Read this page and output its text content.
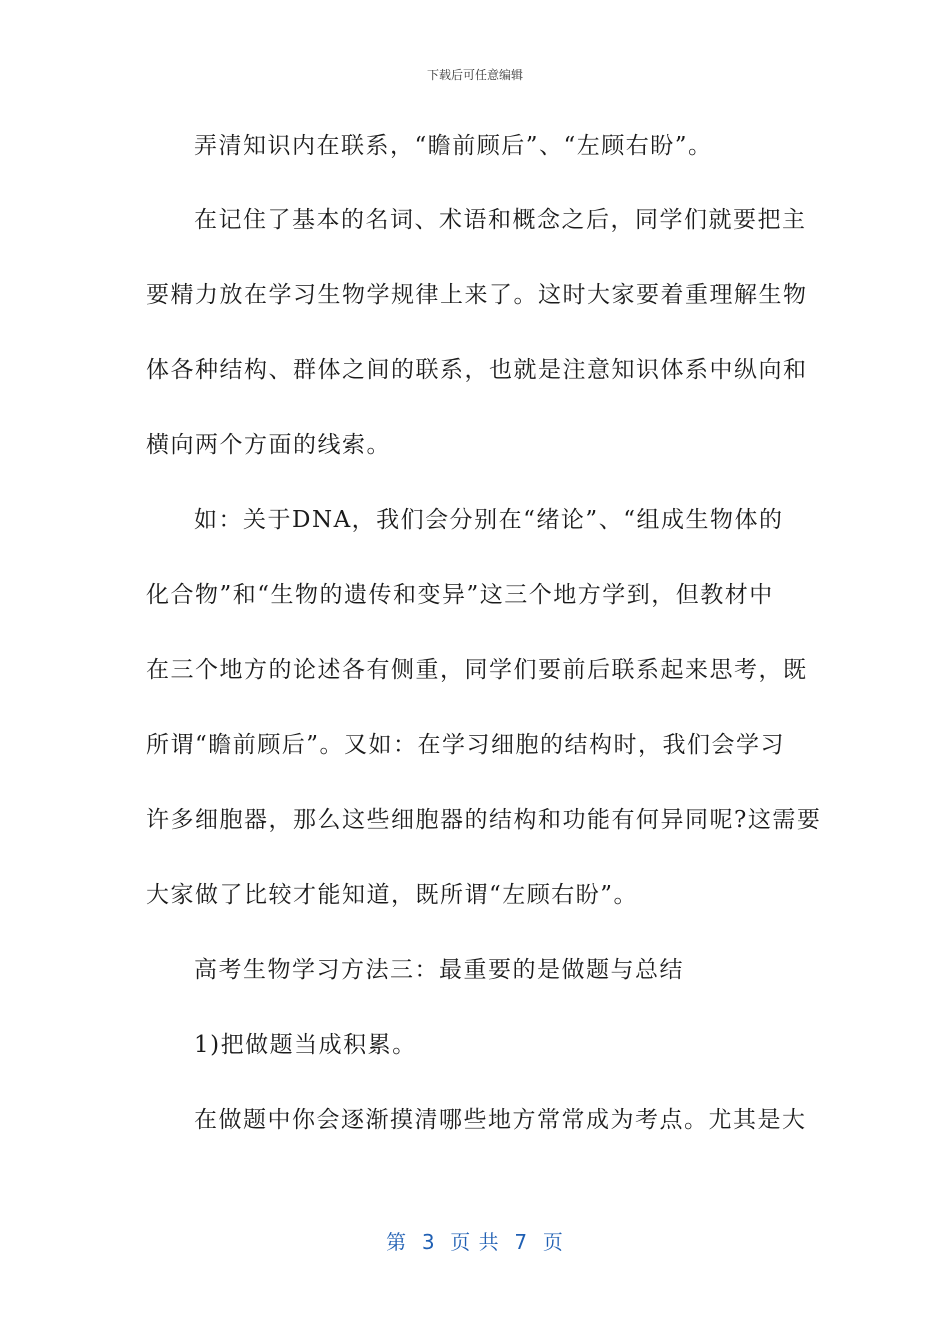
下载后可任意编辑
弄清知识内在联系，“瞻前顾后”、“左顾右盼”。
在记住了基本的名词、术语和概念之后，同学们就要把主
要精力放在学习生物学规律上来了。这时大家要着重理解生物
体各种结构、群体之间的联系，也就是注意知识体系中纵向和
横向两个方面的线索。
如：关于DNA，我们会分别在“绪论”、“组成生物体的
化合物”和“生物的遗传和变异”这三个地方学到，但教材中
在三个地方的论述各有侧重，同学们要前后联系起来思考，既
所谓“瞻前顾后”。又如：在学习细胞的结构时，我们会学习
许多细胞器，那么这些细胞器的结构和功能有何异同呢?这需要
大家做了比较才能知道，既所谓“左顾右盼”。
高考生物学习方法三：最重要的是做题与总结
1)把做题当成积累。
在做题中你会逐渐摸清哪些地方常常成为考点。尤其是大
第  3  页 共  7  页
